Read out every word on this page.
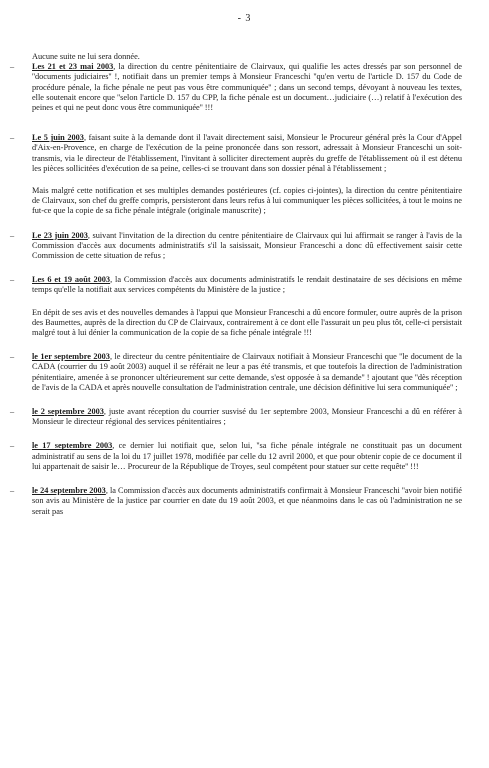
- 3

Aucune suite ne lui sera donnée.

– Les 21 et 23 mai 2003, la direction du centre pénitentiaire de Clairvaux, qui qualifie les actes dressés par son personnel de ''documents judiciaires'' !, notifiait dans un premier temps à Monsieur Franceschi ''qu'en vertu de l'article D. 157 du Code de procédure pénale, la fiche pénale ne peut pas vous être communiquée'' ; dans un second temps, dévoyant à nouveau les textes, elle soutenait encore que ''selon l'article D. 157 du CPP, la fiche pénale est un document…judiciaire (…) relatif à l'exécution des peines et qui ne peut donc vous être communiquée'' !!!

– Le 5 juin 2003, faisant suite à la demande dont il l'avait directement saisi, Monsieur le Procureur général près la Cour d'Appel d'Aix-en-Provence, en charge de l'exécution de la peine prononcée dans son ressort, adressait à Monsieur Franceschi un soit-transmis, via le directeur de l'établissement, l'invitant à solliciter directement auprès du greffe de l'établissement où il est détenu les pièces sollicitées d'exécution de sa peine, celles-ci se trouvant dans son dossier pénal à l'établissement ;

Mais malgré cette notification et ses multiples demandes postérieures (cf. copies ci-jointes), la direction du centre pénitentiaire de Clairvaux, son chef du greffe compris, persisteront dans leurs refus à lui communiquer les pièces sollicitées, à tout le moins ne fut-ce que la copie de sa fiche pénale intégrale (originale manuscrite) ;

– Le 23 juin 2003, suivant l'invitation de la direction du centre pénitentiaire de Clairvaux qui lui affirmait se ranger à l'avis de la Commission d'accès aux documents administratifs s'il la saisissait, Monsieur Franceschi a donc dû effectivement saisir cette Commission de cette situation de refus ;

– Les 6 et 19 août 2003, la Commission d'accès aux documents administratifs le rendait destinataire de ses décisions en même temps qu'elle la notifiait aux services compétents du Ministère de la justice ;

En dépit de ses avis et des nouvelles demandes à l'appui que Monsieur Franceschi a dû encore formuler, outre auprès de la prison des Baumettes, auprès de la direction du CP de Clairvaux, contrairement à ce dont elle l'assurait un peu plus tôt, celle-ci persistait malgré tout à lui dénier la communication de la copie de sa fiche pénale intégrale !!!

– le 1er septembre 2003, le directeur du centre pénitentiaire de Clairvaux notifiait à Monsieur Franceschi que ''le document de la CADA (courrier du 19 août 2003) auquel il se référait ne leur a pas été transmis, et que toutefois la direction de l'administration pénitentiaire, amenée à se prononcer ultérieurement sur cette demande, s'est opposée à sa demande'' ! ajoutant que ''dès réception de l'avis de la CADA et après nouvelle consultation de l'administration centrale, une décision définitive lui sera communiquée'' ;

– le 2 septembre 2003, juste avant réception du courrier susvisé du 1er septembre 2003, Monsieur Franceschi a dû en référer à Monsieur le directeur régional des services pénitentiaires ;

– le 17 septembre 2003, ce dernier lui notifiait que, selon lui, ''sa fiche pénale intégrale ne constituait pas un document administratif au sens de la loi du 17 juillet 1978, modifiée par celle du 12 avril 2000, et que pour obtenir copie de ce document il lui appartenait de saisir le… Procureur de la République de Troyes, seul compétent pour statuer sur cette requête'' !!!

– le 24 septembre 2003, la Commission d'accès aux documents administratifs confirmait à Monsieur Franceschi ''avoir bien notifié son avis au Ministère de la justice par courrier en date du 19 août 2003, et que néanmoins dans le cas où l'administration ne se serait pas
